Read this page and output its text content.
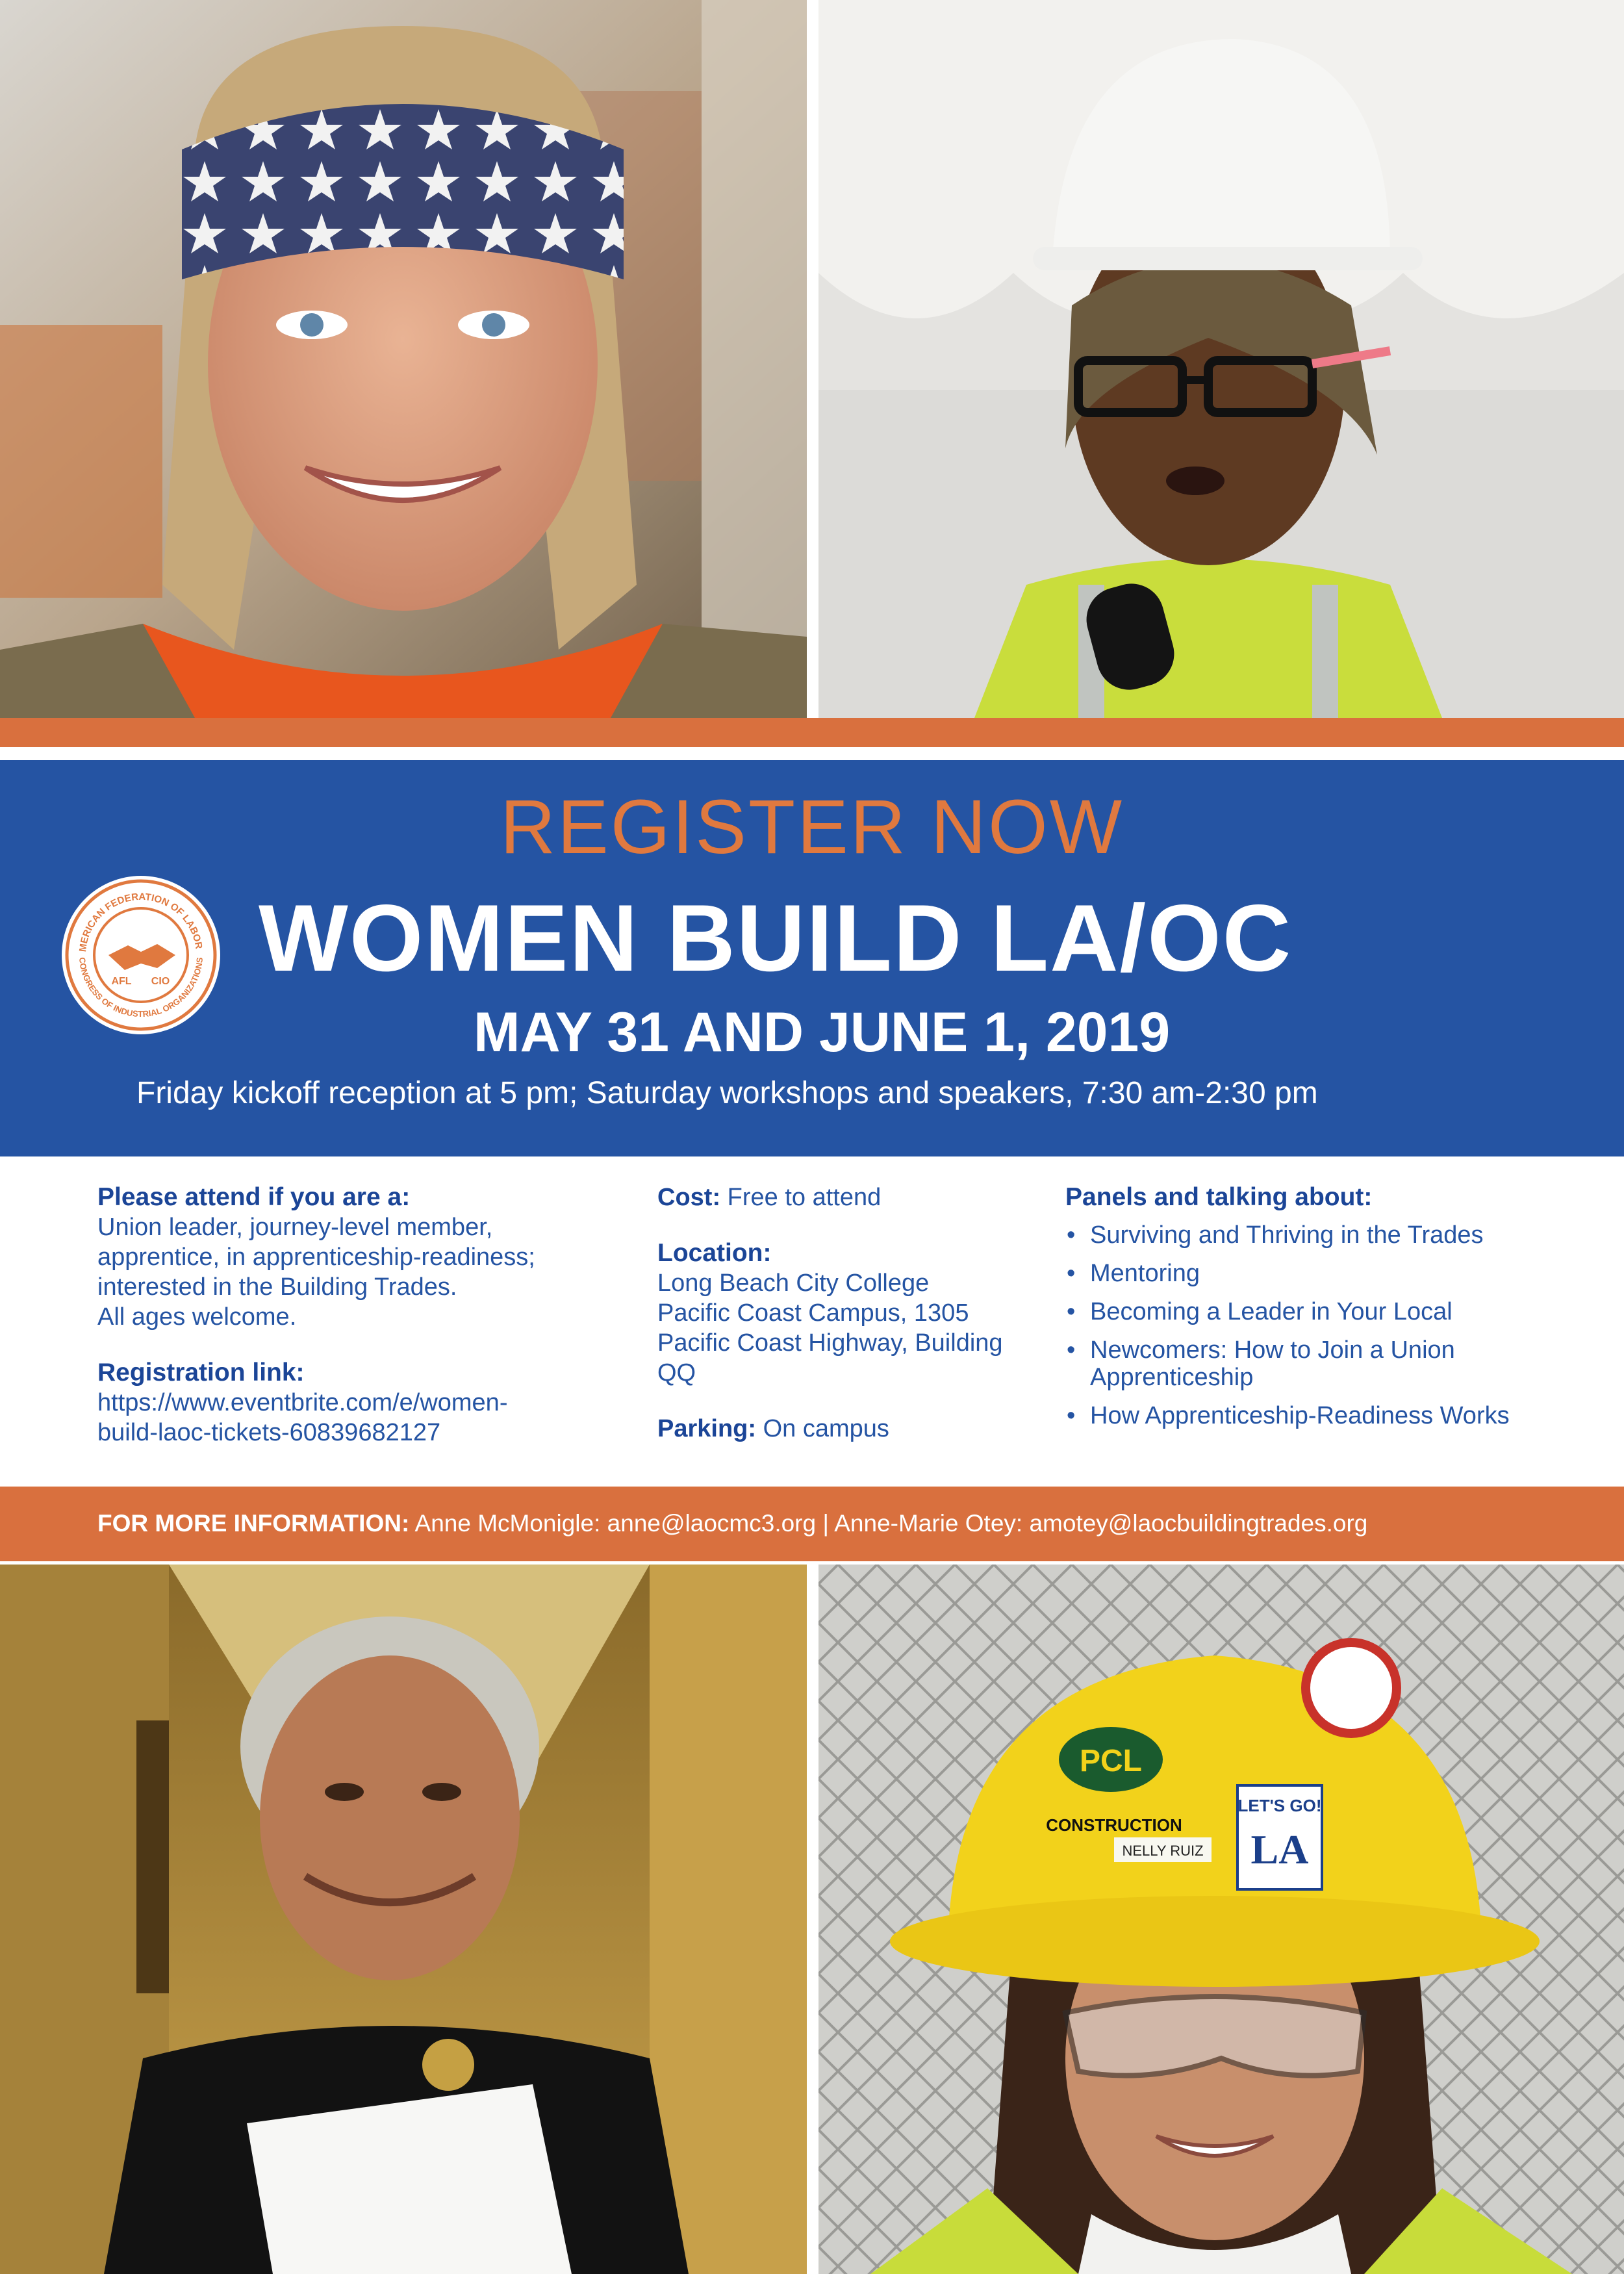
REGISTER NOW
MERICAN FEDERATION OF LABOR
CONGRESS OF INDUSTRIAL ORGANIZATIONS
AFL CIO WOMEN BUILD LA/OC
MAY 31 AND JUNE 1, 2019
Friday kickoff reception at 5 pm; Saturday workshops and speakers, 7:30 am-2:30 pm
Please attend if you are a:

Union leader, journey-level member,

apprentice, in apprenticeship-readiness;

interested in the Building Trades.

All ages welcome.

Registration link:

https://www.eventbrite.com/e/women-

build-laoc-tickets-60839682127

Cost: Free to attend

Location:

Long Beach City College

Pacific Coast Campus, 1305

Pacific Coast Highway, Building

QQ

Parking: On campus

Panels and talking about:
• Surviving and Thriving in the Trades
• Mentoring
• Becoming a Leader in Your Local
• Newcomers: How to Join a Union Apprenticeship
• How Apprenticeship-Readiness Works
FOR MORE INFORMATION: Anne McMonigle: anne@laocmc3.org | Anne-Marie Otey: amotey@laocbuildingtrades.org
PCL
CONSTRUCTION
NELLY RUIZ
LET'S GO!
LA
